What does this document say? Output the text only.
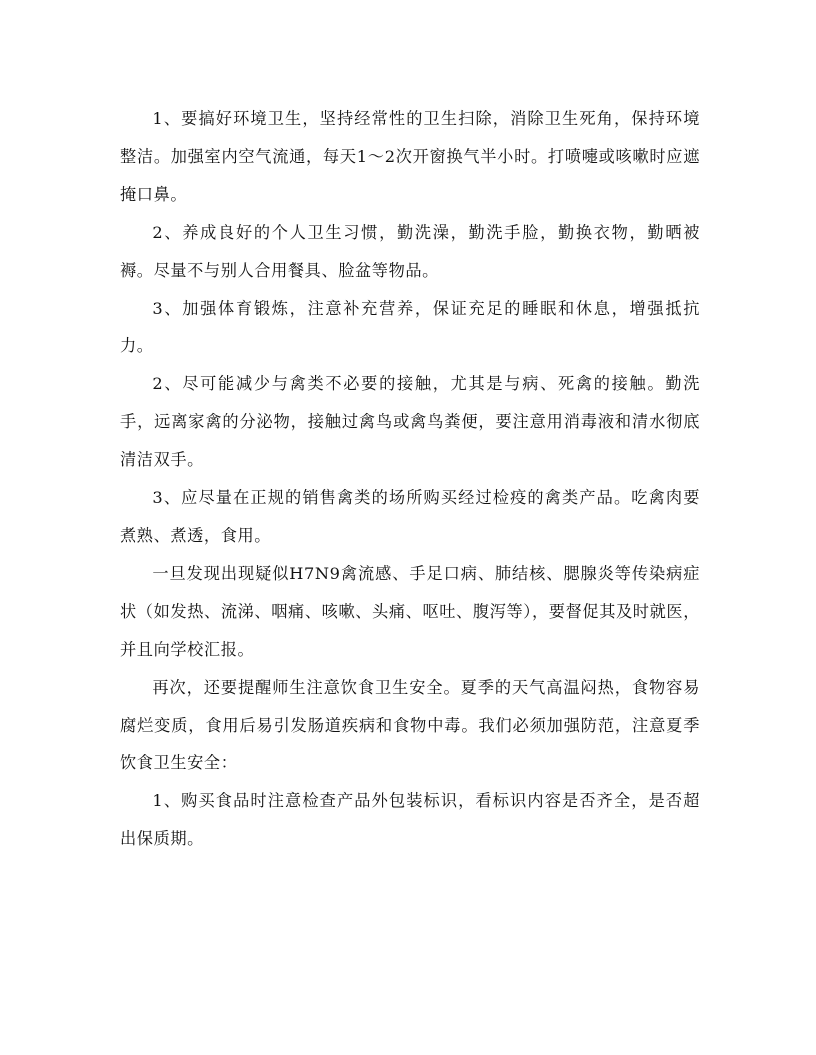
1、要搞好环境卫生，坚持经常性的卫生扫除，消除卫生死角，保持环境整洁。加强室内空气流通，每天1～2次开窗换气半小时。打喷嚏或咳嗽时应遮掩口鼻。

2、养成良好的个人卫生习惯，勤洗澡，勤洗手脸，勤换衣物，勤晒被褥。尽量不与别人合用餐具、脸盆等物品。

3、加强体育锻炼，注意补充营养，保证充足的睡眠和休息，增强抵抗力。

2、尽可能减少与禽类不必要的接触，尤其是与病、死禽的接触。勤洗手，远离家禽的分泌物，接触过禽鸟或禽鸟粪便，要注意用消毒液和清水彻底清洁双手。

3、应尽量在正规的销售禽类的场所购买经过检疫的禽类产品。吃禽肉要煮熟、煮透，食用。

一旦发现出现疑似H7N9禽流感、手足口病、肺结核、腮腺炎等传染病症状（如发热、流涕、咽痛、咳嗽、头痛、呕吐、腹泻等），要督促其及时就医，并且向学校汇报。

再次，还要提醒师生注意饮食卫生安全。夏季的天气高温闷热，食物容易腐烂变质，食用后易引发肠道疾病和食物中毒。我们必须加强防范，注意夏季饮食卫生安全：

1、购买食品时注意检查产品外包装标识，看标识内容是否齐全，是否超出保质期。
